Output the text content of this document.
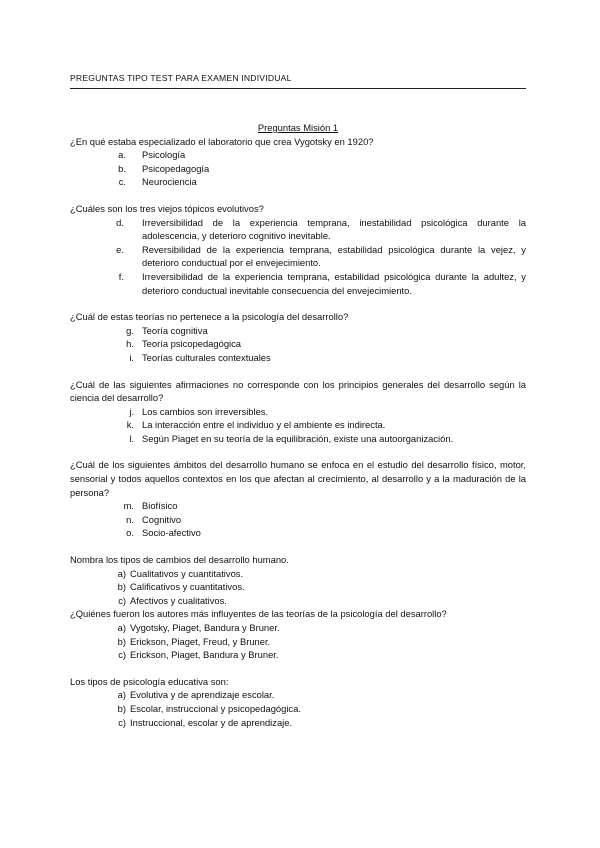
PREGUNTAS TIPO TEST PARA EXAMEN INDIVIDUAL

Preguntas Misión 1

¿En qué estaba especializado el laboratorio que crea Vygotsky en 1920?

a. Psicología
b. Psicopedagogía
c. Neurociencia

¿Cuáles son los tres viejos tópicos evolutivos?

d. Irreversibilidad de la experiencia temprana, inestabilidad psicológica durante la adolescencia, y deterioro cognitivo inevitable.
e. Reversibilidad de la experiencia temprana, estabilidad psicológica durante la vejez, y deterioro conductual por el envejecimiento.
f. Irreversibilidad de la experiencia temprana, estabilidad psicológica durante la adultez, y deterioro conductual inevitable consecuencia del envejecimiento.

¿Cuál de estas teorías no pertenece a la psicología del desarrollo?

g. Teoría cognitiva
h. Teoría psicopedagógica
i. Teorías culturales contextuales

¿Cuál de las siguientes afirmaciones no corresponde con los principios generales del desarrollo según la ciencia del desarrollo?

j. Los cambios son irreversibles.
k. La interacción entre el individuo y el ambiente es indirecta.
l. Según Piaget en su teoría de la equilibración, existe una autoorganización.

¿Cuál de los siguientes ámbitos del desarrollo humano se enfoca en el estudio del desarrollo físico, motor, sensorial y todos aquellos contextos en los que afectan al crecimiento, al desarrollo y a la maduración de la persona?

m. Biofísico
n. Cognitivo
o. Socio-afectivo

Nombra los tipos de cambios del desarrollo humano.

a) Cualitativos y cuantitativos.
b) Calificativos y cuantitativos.
c) Afectivos y cualitativos.

¿Quiénes fueron los autores más influyentes de las teorías de la psicología del desarrollo?

a) Vygotsky, Piaget, Bandura y Bruner.
b) Erickson, Piaget, Freud, y Bruner.
c) Erickson, Piaget, Bandura y Bruner.

Los tipos de psicología educativa son:

a) Evolutiva y de aprendizaje escolar.
b) Escolar, instruccional y psicopedagógica.
c) Instruccional, escolar y de aprendizaje.
